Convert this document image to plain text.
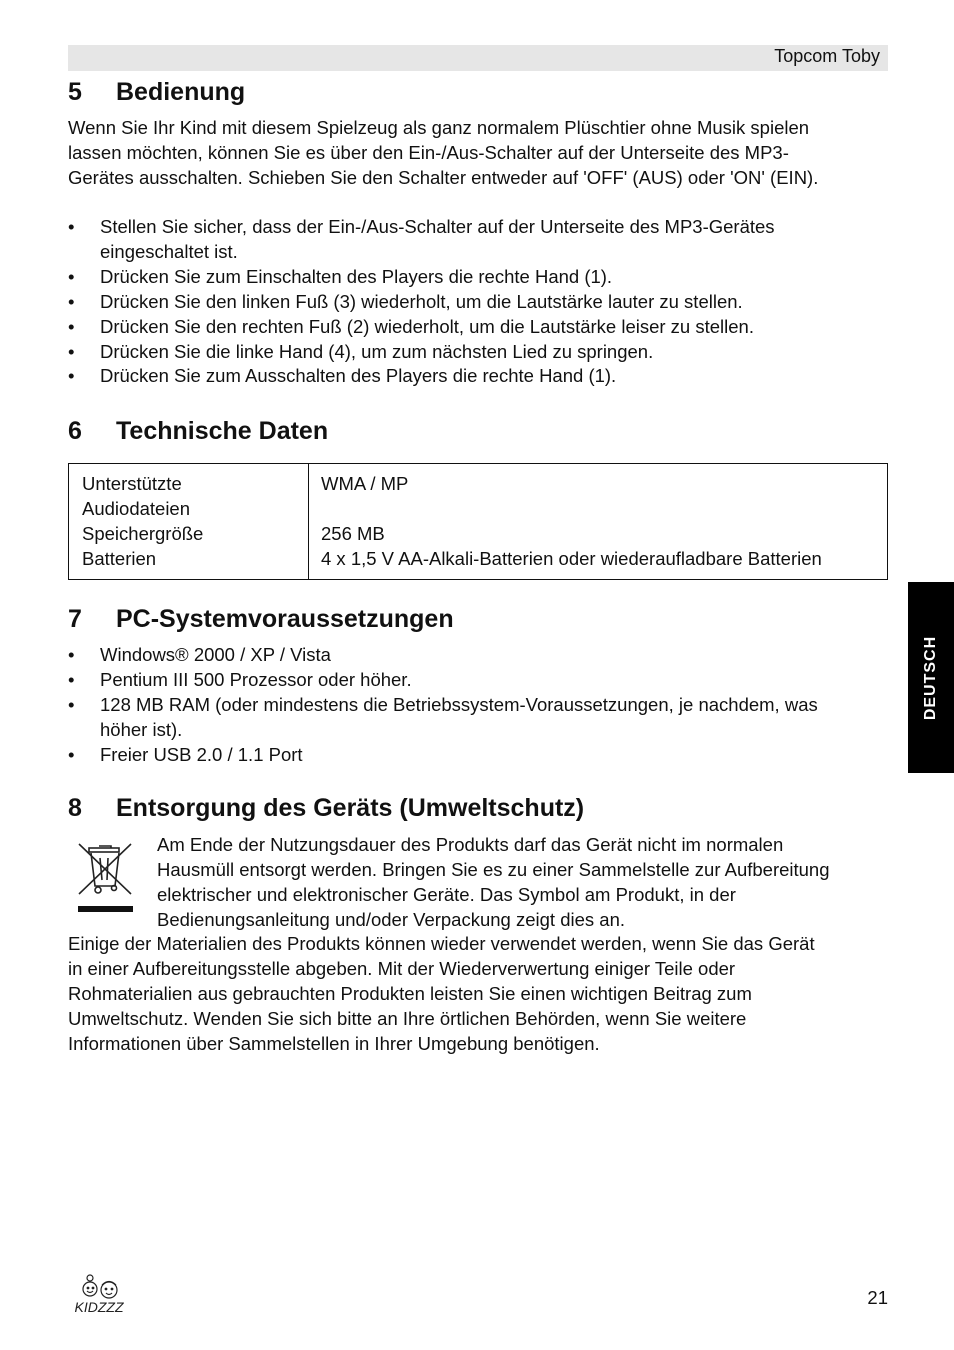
Topcom Toby
5 Bedienung

Wenn Sie Ihr Kind mit diesem Spielzeug als ganz normalem Plüschtier ohne Musik spielen
lassen möchten, können Sie es über den Ein-/Aus-Schalter auf der Unterseite des MP3-
Gerätes ausschalten. Schieben Sie den Schalter entweder auf 'OFF' (AUS) oder 'ON' (EIN).

• Stellen Sie sicher, dass der Ein-/Aus-Schalter auf der Unterseite des MP3-Gerätes
eingeschaltet ist.
• Drücken Sie zum Einschalten des Players die rechte Hand (1).
• Drücken Sie den linken Fuß (3) wiederholt, um die Lautstärke lauter zu stellen.
• Drücken Sie den rechten Fuß (2) wiederholt, um die Lautstärke leiser zu stellen.
• Drücken Sie die linke Hand (4), um zum nächsten Lied zu springen.
• Drücken Sie zum Ausschalten des Players die rechte Hand (1).
6 Technische Daten
Unterstützte
Audiodateien
Speichergröße
Batterien
WMA / MP

256 MB
4 x 1,5 V AA-Alkali-Batterien oder wiederaufladbare Batterien
7 PC-Systemvoraussetzungen
• Windows® 2000 / XP / Vista
• Pentium III 500 Prozessor oder höher.
• 128 MB RAM (oder mindestens die Betriebssystem-Voraussetzungen, je nachdem, was
höher ist).
• Freier USB 2.0 / 1.1 Port
8 Entsorgung des Geräts (Umweltschutz)

Am Ende der Nutzungsdauer des Produkts darf das Gerät nicht im normalen
Hausmüll entsorgt werden. Bringen Sie es zu einer Sammelstelle zur Aufbereitung
elektrischer und elektronischer Geräte. Das Symbol am Produkt, in der
Bedienungsanleitung und/oder Verpackung zeigt dies an.

Einige der Materialien des Produkts können wieder verwendet werden, wenn Sie das Gerät
in einer Aufbereitungsstelle abgeben. Mit der Wiederverwertung einiger Teile oder
Rohmaterialien aus gebrauchten Produkten leisten Sie einen wichtigen Beitrag zum
Umweltschutz. Wenden Sie sich bitte an Ihre örtlichen Behörden, wenn Sie weitere
Informationen über Sammelstellen in Ihrer Umgebung benötigen.

DEUTSCH
KIDZZZ	21
